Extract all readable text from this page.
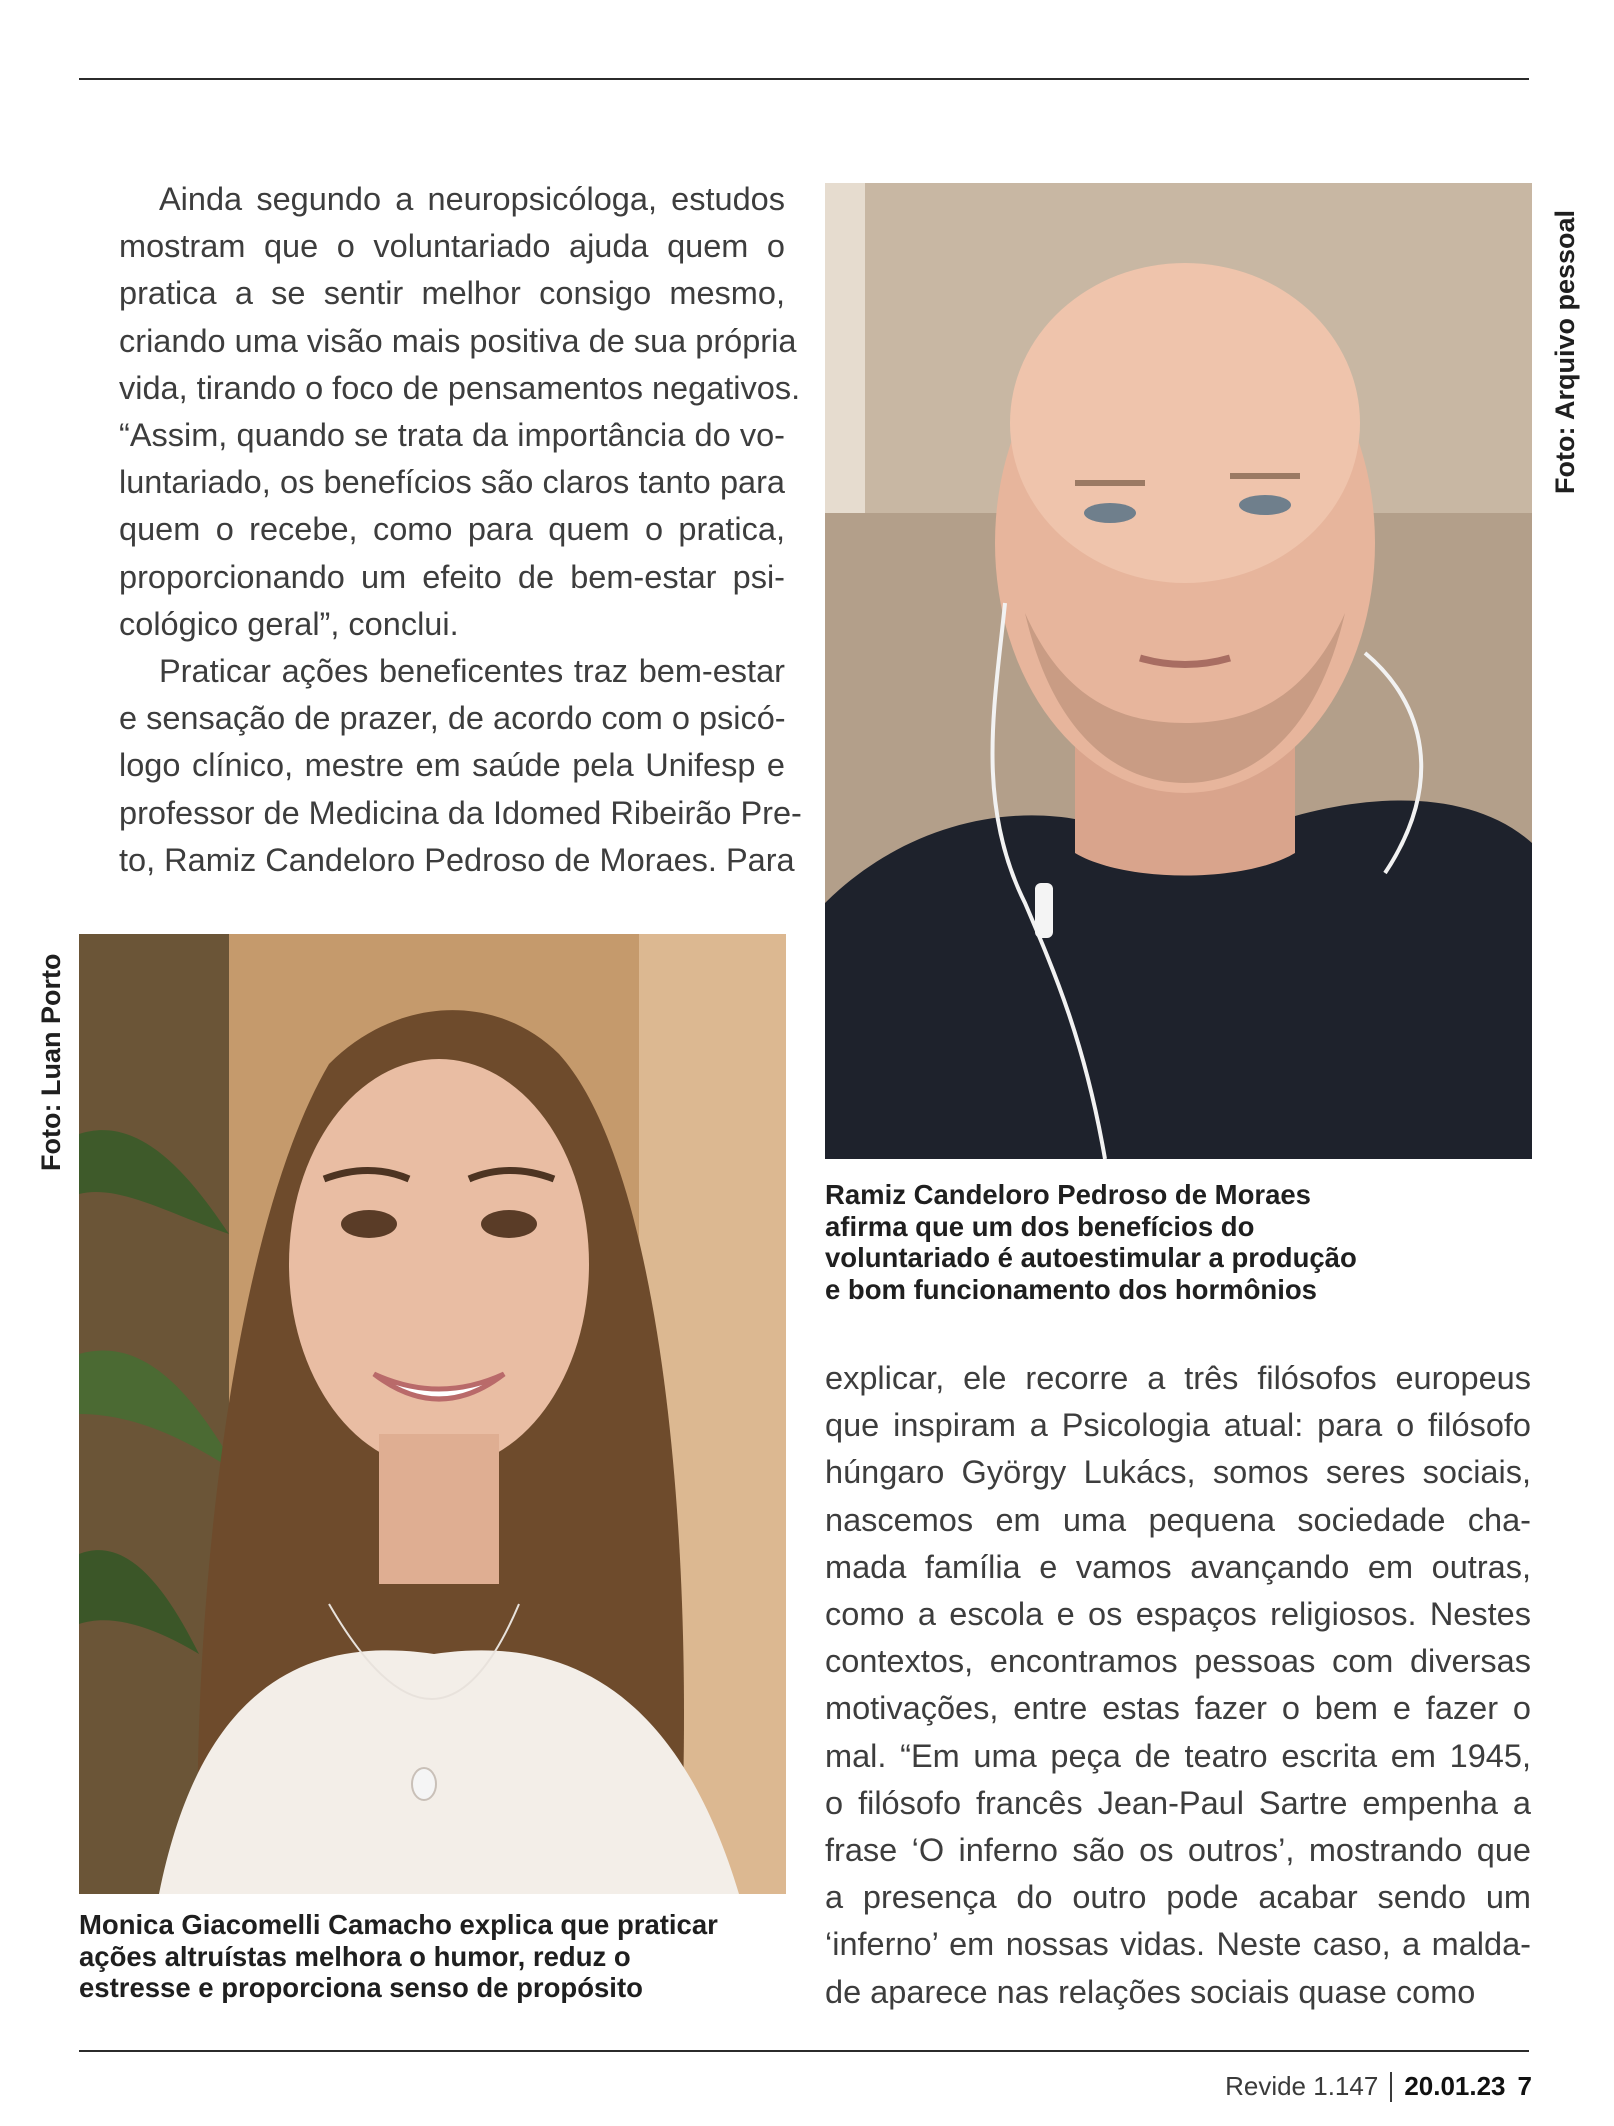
Ainda segundo a neuropsicóloga, estudos
mostram que o voluntariado ajuda quem o
pratica a se sentir melhor consigo mesmo,
criando uma visão mais positiva de sua própria
vida, tirando o foco de pensamentos negativos.
“Assim, quando se trata da importância do vo-
luntariado, os benefícios são claros tanto para
quem o recebe, como para quem o pratica,
proporcionando um efeito de bem-estar psi-
cológico geral”, conclui.

Praticar ações beneficentes traz bem-estar
e sensação de prazer, de acordo com o psicó-
logo clínico, mestre em saúde pela Unifesp e
professor de Medicina da Idomed Ribeirão Pre-
to, Ramiz Candeloro Pedroso de Moraes. Para

Foto: Arquivo pessoal
Ramiz Candeloro Pedroso de Moraes
afirma que um dos benefícios do
voluntariado é autoestimular a produção
e bom funcionamento dos hormônios
Foto: Luan Porto
Monica Giacomelli Camacho explica que praticar
ações altruístas melhora o humor, reduz o
estresse e proporciona senso de propósito

explicar, ele recorre a três filósofos europeus
que inspiram a Psicologia atual: para o filósofo
húngaro György Lukács, somos seres sociais,
nascemos em uma pequena sociedade cha-
mada família e vamos avançando em outras,
como a escola e os espaços religiosos. Nestes
contextos, encontramos pessoas com diversas
motivações, entre estas fazer o bem e fazer o
mal. “Em uma peça de teatro escrita em 1945,
o filósofo francês Jean-Paul Sartre empenha a
frase ‘O inferno são os outros’, mostrando que
a presença do outro pode acabar sendo um
‘inferno’ em nossas vidas. Neste caso, a malda-
de aparece nas relações sociais quase como

Revide 1.147 20.01.23 7
